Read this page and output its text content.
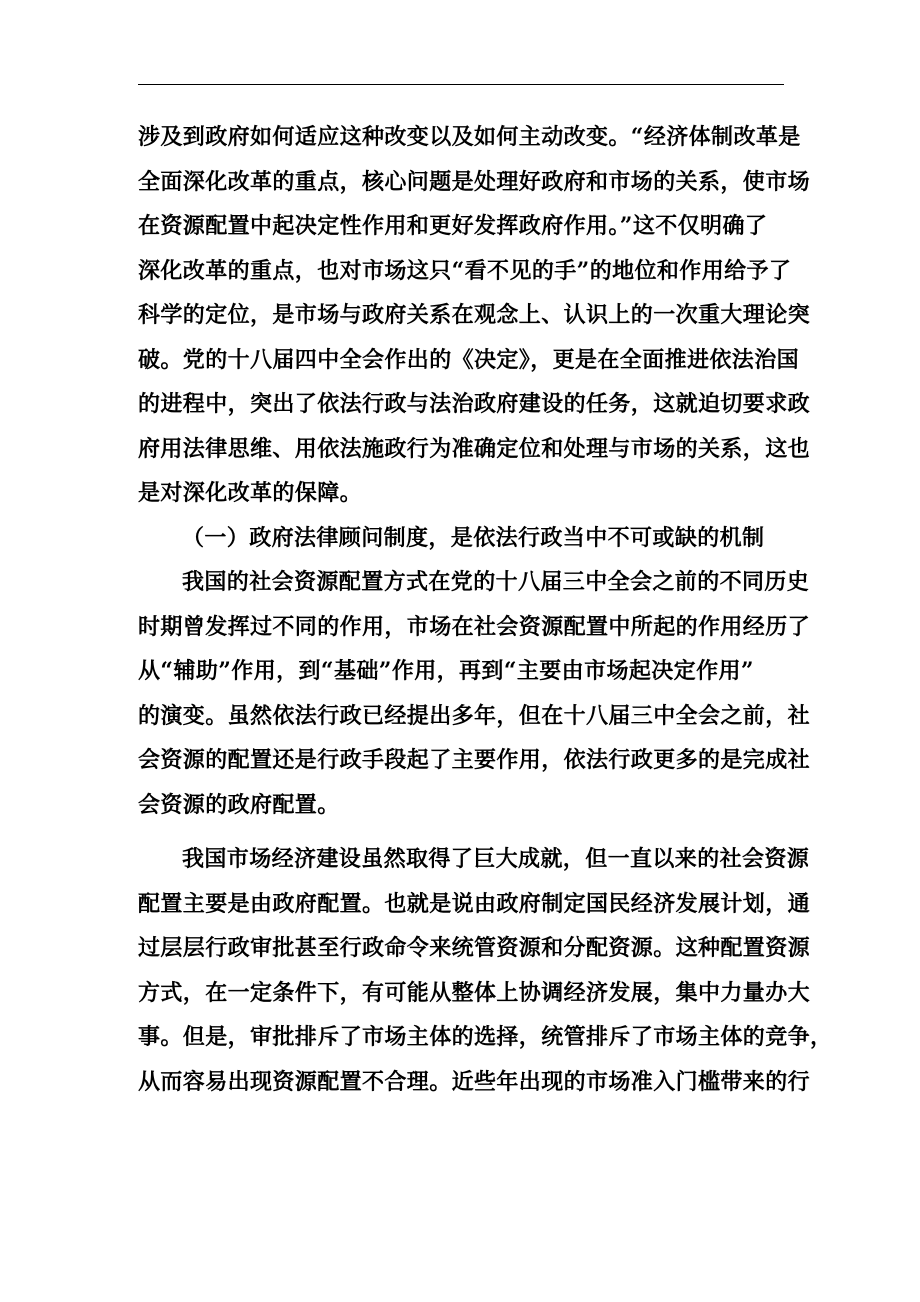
涉及到政府如何适应这种改变以及如何主动改变。“经济体制改革是
全面深化改革的重点，核心问题是处理好政府和市场的关系，使市场
在资源配置中起决定性作用和更好发挥政府作用。”这不仅明确了
深化改革的重点，也对市场这只“看不见的手”的地位和作用给予了
科学的定位，是市场与政府关系在观念上、认识上的一次重大理论突
破。党的十八届四中全会作出的《决定》，更是在全面推进依法治国
的进程中，突出了依法行政与法治政府建设的任务，这就迫切要求政
府用法律思维、用依法施政行为准确定位和处理与市场的关系，这也
是对深化改革的保障。
（一）政府法律顾问制度，是依法行政当中不可或缺的机制
我国的社会资源配置方式在党的十八届三中全会之前的不同历史
时期曾发挥过不同的作用，市场在社会资源配置中所起的作用经历了
从“辅助”作用，到“基础”作用，再到“主要由市场起决定作用”
的演变。虽然依法行政已经提出多年，但在十八届三中全会之前，社
会资源的配置还是行政手段起了主要作用，依法行政更多的是完成社
会资源的政府配置。
我国市场经济建设虽然取得了巨大成就，但一直以来的社会资源
配置主要是由政府配置。也就是说由政府制定国民经济发展计划，通
过层层行政审批甚至行政命令来统管资源和分配资源。这种配置资源
方式，在一定条件下，有可能从整体上协调经济发展，集中力量办大
事。但是，审批排斥了市场主体的选择，统管排斥了市场主体的竞争，
从而容易出现资源配置不合理。近些年出现的市场准入门槛带来的行
